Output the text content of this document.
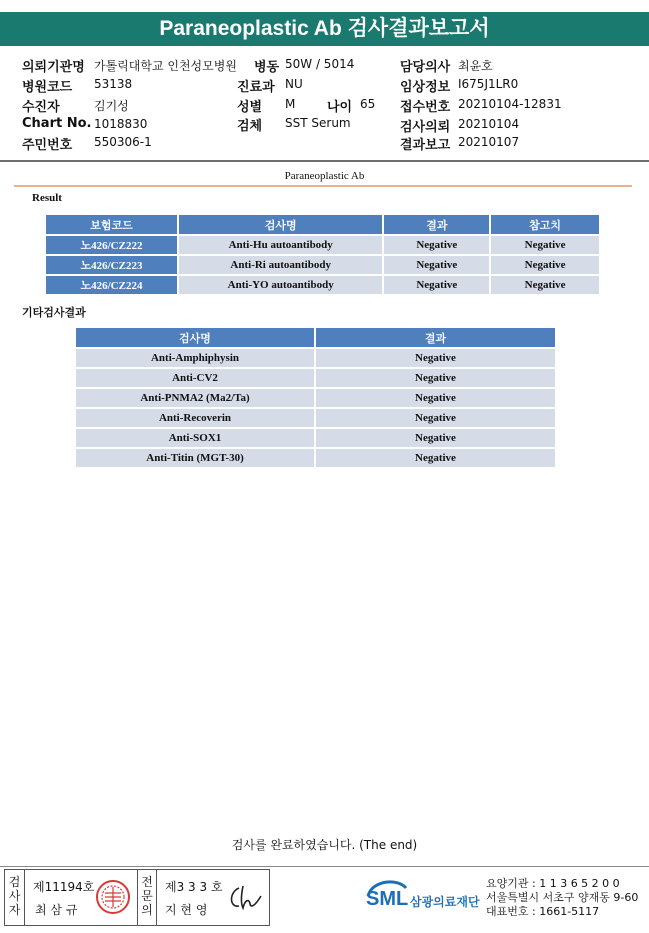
Paraneoplastic Ab 검사결과보고서
의뢰기관명 가톨릭대학교 인천성모병원 병동 50W / 5014	담당의사 최윤호
병원코드 53138	진료과 NU	임상정보 I675J1LR0
수진자	김기성	성별 M 나이 65 접수번호 20210104-12831
Chart No. 1018830	검체 SST Serum	검사의뢰 20210104
주민번호 550306-1	결과보고 20210107
Paraneoplastic Ab
Result
보험코드	검사명	결과	참고치
노426/CZ222	Anti-Hu autoantibody	Negative	Negative
노426/CZ223	Anti-Ri autoantibody	Negative	Negative
노426/CZ224	Anti-YO autoantibody	Negative	Negative
기타검사결과
검사명	결과
Anti-Amphiphysin	Negative
Anti-CV2	Negative
Anti-PNMA2 (Ma2/Ta)	Negative
Anti-Recoverin	Negative
Anti-SOX1	Negative
Anti-Titin (MGT-30)	Negative
검사를 완료하였습니다. (The end)
검사자
제11194호
최 삼 규
전문의
제3 3 3 호
지 현 영	SML 삼광의료재단
요양기관 : 1 1 3 6 5 2 0 0
서울특별시 서초구 양재동 9-60
대표번호 : 1661-5117
